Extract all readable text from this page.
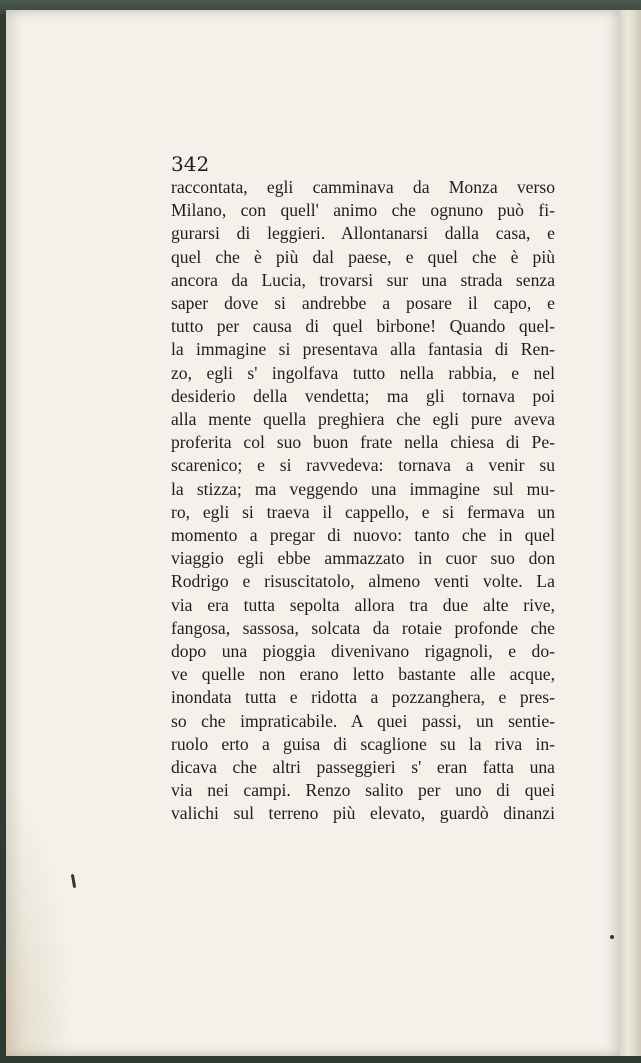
342

raccontata, egli camminava da Monza verso
Milano, con quell' animo che ognuno può fi-
gurarsi di leggieri. Allontanarsi dalla casa, e
quel che è più dal paese, e quel che è più
ancora da Lucia, trovarsi sur una strada senza
saper dove si andrebbe a posare il capo, e
tutto per causa di quel birbone! Quando quel-
la immagine si presentava alla fantasia di Ren-
zo, egli s' ingolfava tutto nella rabbia, e nel
desiderio della vendetta; ma gli tornava poi
alla mente quella preghiera che egli pure aveva
proferita col suo buon frate nella chiesa di Pe-
scarenico; e si ravvedeva: tornava a venir su
la stizza; ma veggendo una immagine sul mu-
ro, egli si traeva il cappello, e si fermava un
momento a pregar di nuovo: tanto che in quel
viaggio egli ebbe ammazzato in cuor suo don
Rodrigo e risuscitatolo, almeno venti volte. La
via era tutta sepolta allora tra due alte rive,
fangosa, sassosa, solcata da rotaie profonde che
dopo una pioggia divenivano rigagnoli, e do-
ve quelle non erano letto bastante alle acque,
inondata tutta e ridotta a pozzanghera, e pres-
so che impraticabile. A quei passi, un sentie-
ruolo erto a guisa di scaglione su la riva in-
dicava che altri passeggieri s' eran fatta una
via nei campi. Renzo salito per uno di quei
valichi sul terreno più elevato, guardò dinanzi
